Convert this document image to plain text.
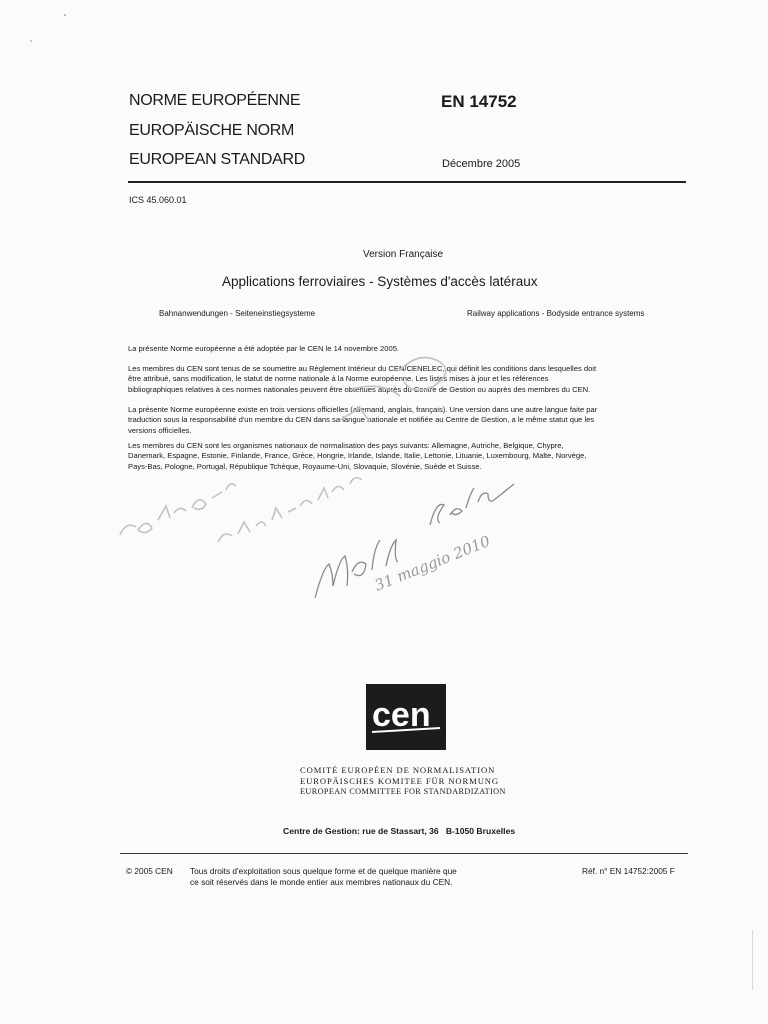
NORME EUROPÉENNE
EUROPÄISCHE NORM
EUROPEAN STANDARD
EN 14752
Décembre 2005
ICS 45.060.01
Version Française
Applications ferroviaires - Systèmes d'accès latéraux
Bahnanwendungen - Seiteneinstiegsysteme	Railway applications - Bodyside entrance systems
La présente Norme européenne a été adoptée par le CEN le 14 novembre 2005.
Les membres du CEN sont tenus de se soumettre au Règlement Intérieur du CEN/CENELEC, qui définit les conditions dans lesquelles doit
être attribué, sans modification, le statut de norme nationale à la Norme européenne. Les listes mises à jour et les références
bibliographiques relatives à ces normes nationales peuvent être obtenues auprès du Centre de Gestion ou auprès des membres du CEN.
La présente Norme européenne existe en trois versions officielles (allemand, anglais, français). Une version dans une autre langue faite par
traduction sous la responsabilité d'un membre du CEN dans sa langue nationale et notifiée au Centre de Gestion, a le même statut que les
versions officielles.
Les membres du CEN sont les organismes nationaux de normalisation des pays suivants: Allemagne, Autriche, Belgique, Chypre,
Danemark, Espagne, Estonie, Finlande, France, Grèce, Hongrie, Irlande, Islande, Italie, Lettonie, Lituanie, Luxembourg, Malte, Norvège,
Pays-Bas, Pologne, Portugal, République Tchèque, Royaume-Uni, Slovaquie, Slovénie, Suède et Suisse.
31 maggio 2010
cen
COMITÉ EUROPÉEN DE NORMALISATION
EUROPÄISCHES KOMITEE FÜR NORMUNG
EUROPEAN COMMITTEE FOR STANDARDIZATION
Centre de Gestion: rue de Stassart, 36   B-1050 Bruxelles
© 2005 CEN Tous droits d'exploitation sous quelque forme et de quelque manière que
ce soit réservés dans le monde entier aux membres nationaux du CEN.
Réf. n° EN 14752:2005 F
